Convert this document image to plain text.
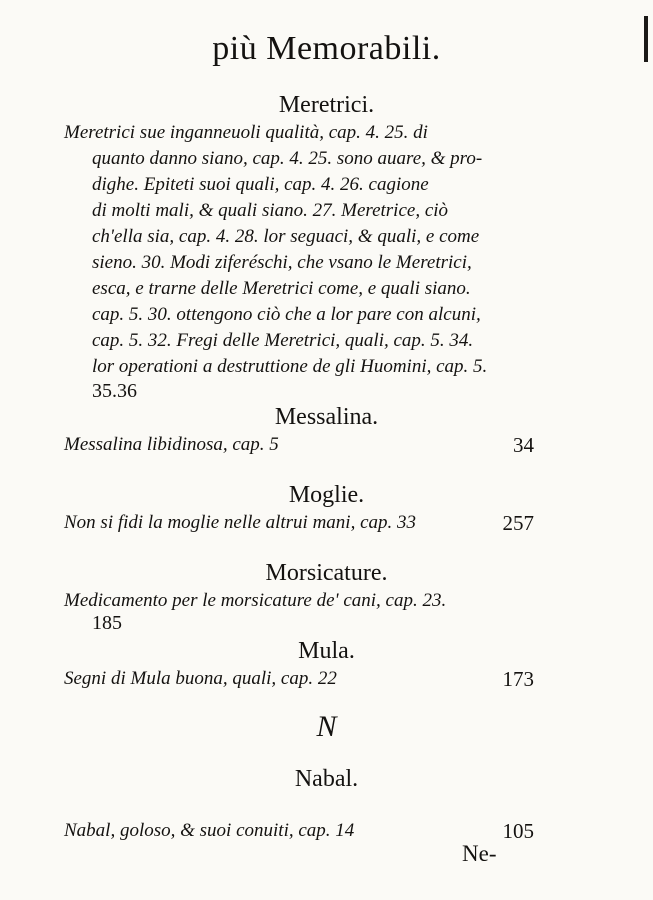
più Memorabili.
Meretrici.
Meretrici sue inganneuoli qualità, cap. 4. 25. di
quanto danno siano, cap. 4. 25. sono auare, & pro-
dighe. Epiteti suoi quali, cap. 4. 26. cagione
di molti mali, & quali siano. 27. Meretrice, ciò
ch'ella sia, cap. 4. 28. lor seguaci, & quali, e come
sieno. 30. Modi ziferéschi, che vsano le Meretrici,
esca, e trarne delle Meretrici come, e quali siano.
cap. 5. 30. ottengono ciò che a lor pare con alcuni,
cap. 5. 32. Fregi delle Meretrici, quali, cap. 5. 34.
lor operationi a destruttione de gli Huomini, cap. 5.
35.36
Messalina.
Messalina libidinosa, cap. 5	34
Moglie.
Non si fidi la moglie nelle altrui mani, cap. 33	257
Morsicature.
Medicamento per le morsicature de' cani, cap. 23.
185
Mula.
Segni di Mula buona, quali, cap. 22	173
N
Nabal.
Nabal, goloso, & suoi conuiti, cap. 14	105
Ne-
